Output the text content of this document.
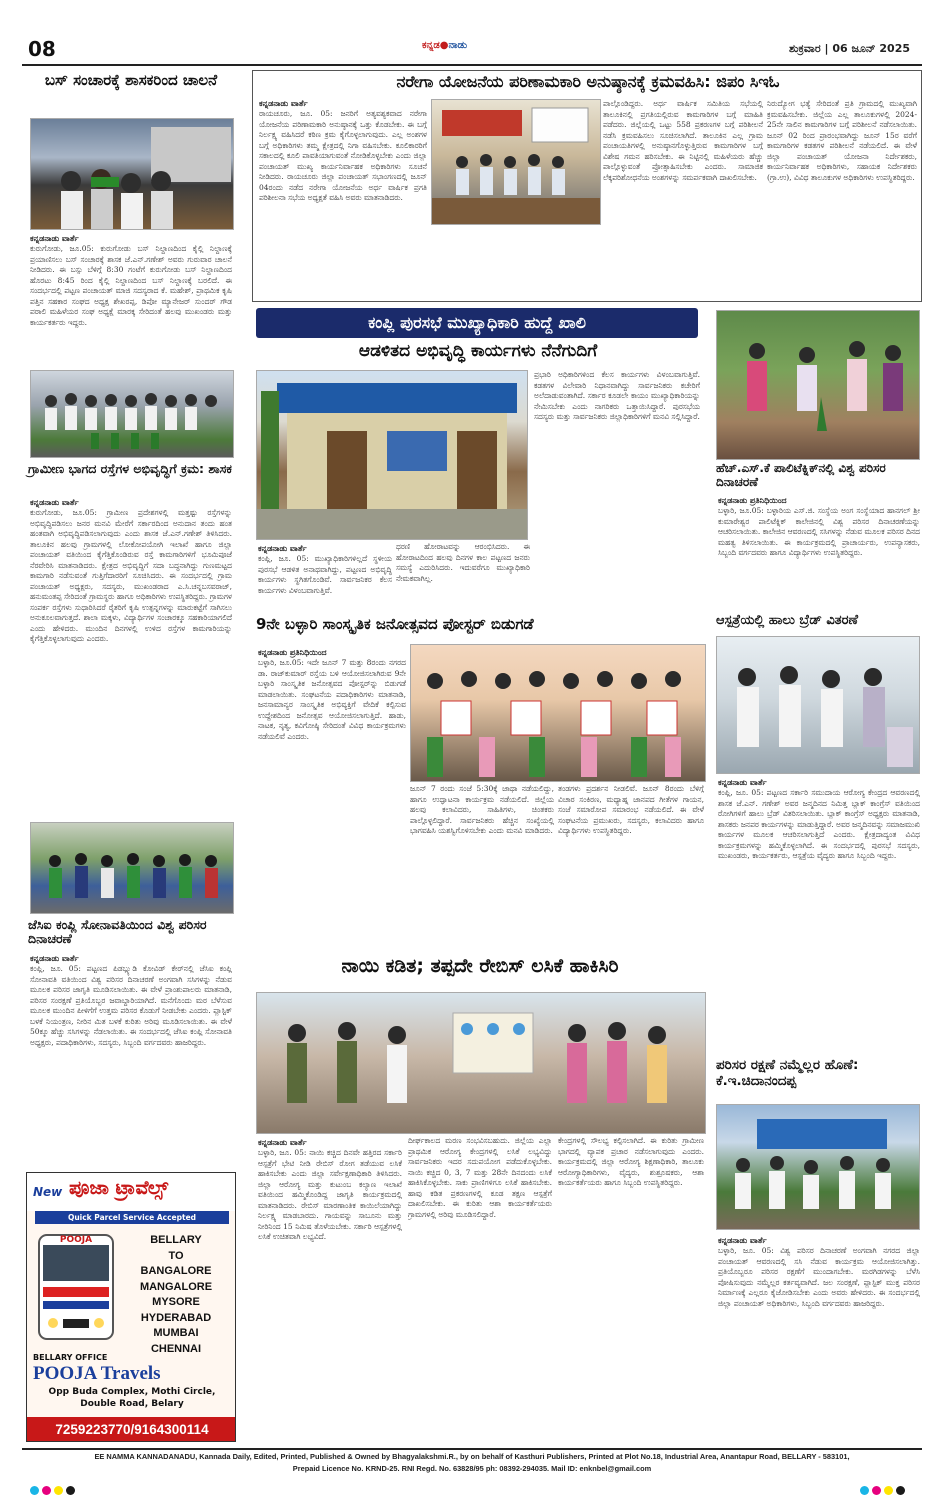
08	ಕನ್ನಡ●ನಾಡು	ಶುಕ್ರವಾರ | 06 ಜೂನ್ 2025
ಬಸ್ ಸಂಚಾರಕ್ಕೆ ಶಾಸಕರಿಂದ ಚಾಲನೆ
ಕನ್ನಡನಾಡು ವಾರ್ತೆ
ಕುರುಗೋಡು, ಜೂ.05: ಕುರುಗೋಡು ಬಸ್ ನಿಲ್ದಾಣದಿಂದ ಕೈಲ್ಲಿ ನಿಲ್ದಾಣಕ್ಕೆ ಪ್ರಯಾಣಿಸಲು ಬಸ್ ಸಂಚಾರಕ್ಕೆ ಶಾಸಕ ಜೆ.ಎನ್.ಗಣೇಶ್ ಅವರು ಗುರುವಾರ ಚಾಲನೆ ನೀಡಿದರು. ಈ ಬಸ್ಸು ಬೆಳಿಗ್ಗೆ 8:30 ಗಂಟೆಗೆ ಕುರುಗೋಡು ಬಸ್ ನಿಲ್ದಾಣದಿಂದ ಹೊರಟು 8:45 ರಿಂದ ಕೈಲ್ಲಿ ನಿಲ್ದಾಣದಿಂದ ಬಸ್ ನಿಲ್ದಾಣಕ್ಕೆ ಬರಲಿದೆ. ಈ ಸಂದರ್ಭದಲ್ಲಿ ಪಟ್ಟಣ ಪಂಚಾಯತ್ ಮಾಜಿ ಸದಸ್ಯರಾದ ಕೆ. ಮಹೇಶ್, ಪ್ರಾಥಮಿಕ ಕೃಷಿ ಪತ್ತಿನ ಸಹಕಾರ ಸಂಘದ ಅಧ್ಯಕ್ಷ ಶೇಖರಪ್ಪ, ಡಿಪೋ ಮ್ಯಾನೇಜರ್ ಸುಂದರ್ ಗೌಡ ಪರಾಲಿ ಮಹಿಳೆಯರ ಸಂಘ ಅಧ್ಯಕ್ಷೆ ಮಾರಕ್ಕ ಸೇರಿದಂತೆ ಹಲವು ಮುಖಂಡರು ಮತ್ತು ಕಾರ್ಯಕರ್ತರು ಇದ್ದರು.
ಗ್ರಾಮೀಣ ಭಾಗದ ರಸ್ತೆಗಳ ಅಭಿವೃದ್ಧಿಗೆ ಕ್ರಮ: ಶಾಸಕ
ಕನ್ನಡನಾಡು ವಾರ್ತೆ
ಕುರುಗೋಡು, ಜೂ.05: ಗ್ರಾಮೀಣ ಪ್ರದೇಶಗಳಲ್ಲಿ ಮತ್ತಷ್ಟು ರಸ್ತೆಗಳನ್ನು ಅಭಿವೃದ್ಧಿಪಡಿಸಲು ಜನರ ಮನವಿ ಮೇರೆಗೆ ಸರ್ಕಾರದಿಂದ ಅನುದಾನ ತಂದು ಹಂತ ಹಂತವಾಗಿ ಅಭಿವೃದ್ಧಿಪಡಿಸಲಾಗುವುದು ಎಂದು ಶಾಸಕ ಜೆ.ಎನ್.ಗಣೇಶ್ ತಿಳಿಸಿದರು. ತಾಲೂಕಿನ ಹಲವು ಗ್ರಾಮಗಳಲ್ಲಿ ಲೋಕೋಪಯೋಗಿ ಇಲಾಖೆ ಹಾಗೂ ಜಿಲ್ಲಾ ಪಂಚಾಯತ್ ವತಿಯಿಂದ ಕೈಗೆತ್ತಿಕೊಂಡಿರುವ ರಸ್ತೆ ಕಾಮಗಾರಿಗಳಿಗೆ ಭೂಮಿಪೂಜೆ ನೆರವೇರಿಸಿ ಮಾತನಾಡಿದರು. ಕ್ಷೇತ್ರದ ಅಭಿವೃದ್ಧಿಗೆ ಸದಾ ಬದ್ಧನಾಗಿದ್ದು ಗುಣಮಟ್ಟದ ಕಾಮಗಾರಿ ನಡೆಸುವಂತೆ ಗುತ್ತಿಗೆದಾರರಿಗೆ ಸೂಚಿಸಿದರು. ಈ ಸಂದರ್ಭದಲ್ಲಿ ಗ್ರಾಮ ಪಂಚಾಯತ್ ಅಧ್ಯಕ್ಷರು, ಸದಸ್ಯರು, ಮುಖಂಡರಾದ ಎ.ಸಿ.ಚನ್ನಬಸವರಾಜ್, ಹನುಮಂತಪ್ಪ ಸೇರಿದಂತೆ ಗ್ರಾಮಸ್ಥರು ಹಾಗೂ ಅಧಿಕಾರಿಗಳು ಉಪಸ್ಥಿತರಿದ್ದರು. ಗ್ರಾಮಗಳ ಸಂಪರ್ಕ ರಸ್ತೆಗಳು ಸುಧಾರಿಸಿದರೆ ರೈತರಿಗೆ ಕೃಷಿ ಉತ್ಪನ್ನಗಳನ್ನು ಮಾರುಕಟ್ಟೆಗೆ ಸಾಗಿಸಲು ಅನುಕೂಲವಾಗುತ್ತದೆ. ಶಾಲಾ ಮಕ್ಕಳು, ವಿದ್ಯಾರ್ಥಿಗಳ ಸಂಚಾರಕ್ಕೂ ಸಹಕಾರಿಯಾಗಲಿದೆ ಎಂದು ಹೇಳಿದರು. ಮುಂದಿನ ದಿನಗಳಲ್ಲಿ ಉಳಿದ ರಸ್ತೆಗಳ ಕಾಮಗಾರಿಯನ್ನು ಕೈಗೆತ್ತಿಕೊಳ್ಳಲಾಗುವುದು ಎಂದರು.
ಜೆಸಿಐ ಕಂಪ್ಲಿ ಸೋನಾವತಿಯಿಂದ ವಿಶ್ವ ಪರಿಸರ ದಿನಾಚರಣೆ
ಕನ್ನಡನಾಡು ವಾರ್ತೆ
ಕಂಪ್ಲಿ, ಜೂ. 05: ಪಟ್ಟಣದ ಪಿಡಬ್ಲ್ಯುಡಿ ಕೋವಿಡ್ ಕೇರ್‌ನಲ್ಲಿ ಜೆಸಿಐ ಕಂಪ್ಲಿ ಸೋನಾವತಿ ವತಿಯಿಂದ ವಿಶ್ವ ಪರಿಸರ ದಿನಾಚರಣೆ ಅಂಗವಾಗಿ ಸಸಿಗಳನ್ನು ನೆಡುವ ಮೂಲಕ ಪರಿಸರ ಜಾಗೃತಿ ಮೂಡಿಸಲಾಯಿತು. ಈ ವೇಳೆ ಪ್ರಾಂಶುಪಾಲರು ಮಾತನಾಡಿ, ಪರಿಸರ ಸಂರಕ್ಷಣೆ ಪ್ರತಿಯೊಬ್ಬರ ಜವಾಬ್ದಾರಿಯಾಗಿದೆ. ಮನೆಗೊಂದು ಮರ ಬೆಳೆಸುವ ಮೂಲಕ ಮುಂದಿನ ಪೀಳಿಗೆಗೆ ಉತ್ತಮ ಪರಿಸರ ಕೊಡುಗೆ ನೀಡಬೇಕು ಎಂದರು. ಪ್ಲಾಸ್ಟಿಕ್ ಬಳಕೆ ನಿಯಂತ್ರಣ, ನೀರಿನ ಮಿತ ಬಳಕೆ ಕುರಿತು ಅರಿವು ಮೂಡಿಸಲಾಯಿತು. ಈ ವೇಳೆ 50ಕ್ಕೂ ಹೆಚ್ಚು ಸಸಿಗಳನ್ನು ನೆಡಲಾಯಿತು. ಈ ಸಂದರ್ಭದಲ್ಲಿ ಜೆಸಿಐ ಕಂಪ್ಲಿ ಸೋನಾವತಿ ಅಧ್ಯಕ್ಷರು, ಪದಾಧಿಕಾರಿಗಳು, ಸದಸ್ಯರು, ಸಿಬ್ಬಂದಿ ವರ್ಗದವರು ಹಾಜರಿದ್ದರು.
New ಪೂಜಾ ಟ್ರಾವೆಲ್ಸ್
Quick Parcel Service Accepted
POOJA	BELLARY
TO
BANGALORE
MANGALORE
MYSORE
HYDERABAD
MUMBAI
CHENNAI
BELLARY OFFICE
POOJA Travels
Opp Buda Complex, Mothi Circle,
Double Road, Belary
7259223770/9164300114
ನರೇಗಾ ಯೋಜನೆಯ ಪರಿಣಾಮಕಾರಿ ಅನುಷ್ಠಾನಕ್ಕೆ ಕ್ರಮವಹಿಸಿ: ಜಿಪಂ ಸಿಇಓ
ಕನ್ನಡನಾಡು ವಾರ್ತೆ
ರಾಯಚೂರು, ಜೂ. 05: ಜನರಿಗೆ ಅತ್ಯವಶ್ಯಕವಾದ ನರೇಗಾ ಯೋಜನೆಯ ಪರಿಣಾಮಕಾರಿ ಅನುಷ್ಠಾನಕ್ಕೆ ಒತ್ತು ಕೊಡಬೇಕು. ಈ ಬಗ್ಗೆ ನಿರ್ಲಕ್ಷ್ಯ ವಹಿಸಿದರೆ ಕಠಿಣ ಕ್ರಮ ಕೈಗೊಳ್ಳಲಾಗುವುದು. ಎಲ್ಲ ಅಂಶಗಳ ಬಗ್ಗೆ ಅಧಿಕಾರಿಗಳು ತಮ್ಮ ಕ್ಷೇತ್ರದಲ್ಲಿ ನಿಗಾ ವಹಿಸಬೇಕು. ಕೂಲಿಕಾರರಿಗೆ ಸಕಾಲದಲ್ಲಿ ಕೂಲಿ ಪಾವತಿಯಾಗುವಂತೆ ನೋಡಿಕೊಳ್ಳಬೇಕು ಎಂದು ಜಿಲ್ಲಾ ಪಂಚಾಯತ್ ಮುಖ್ಯ ಕಾರ್ಯನಿರ್ವಾಹಕ ಅಧಿಕಾರಿಗಳು ಸೂಚನೆ ನೀಡಿದರು. ರಾಯಚೂರು ಜಿಲ್ಲಾ ಪಂಚಾಯತ್ ಸಭಾಂಗಣದಲ್ಲಿ ಜೂನ್ 04ರಂದು ನಡೆದ ನರೇಗಾ ಯೋಜನೆಯ ಅರ್ಧ ವಾರ್ಷಿಕ ಪ್ರಗತಿ ಪರಿಶೀಲನಾ ಸಭೆಯ ಅಧ್ಯಕ್ಷತೆ ವಹಿಸಿ ಅವರು ಮಾತನಾಡಿದರು.
ಪಾಲ್ಗೊಂಡಿದ್ದರು. ಅರ್ಧ ವಾರ್ಷಿಕ ಸಮಿತಿಯ ಸಭೆಯಲ್ಲಿ ತಾಲೂಕಿನಲ್ಲಿ ಪ್ರಗತಿಯಲ್ಲಿರುವ ಕಾಮಗಾರಿಗಳ ಬಗ್ಗೆ ಮಾಹಿತಿ ಪಡೆದರು. ಜಿಲ್ಲೆಯಲ್ಲಿ ಒಟ್ಟು 558 ಪ್ರಕರಣಗಳ ಬಗ್ಗೆ ಪರಿಶೀಲನೆ ನಡೆಸಿ ಕ್ರಮವಹಿಸಲು ಸೂಚಿಸಲಾಗಿದೆ. ತಾಲೂಕಿನ ಎಲ್ಲ ಗ್ರಾಮ ಪಂಚಾಯತಿಗಳಲ್ಲಿ ಅನುಷ್ಠಾನಗೊಳ್ಳುತ್ತಿರುವ ಕಾಮಗಾರಿಗಳ ಬಗ್ಗೆ ವಿಶೇಷ ಗಮನ ಹರಿಸಬೇಕು. ಈ ನಿಟ್ಟಿನಲ್ಲಿ ಮಹಿಳೆಯರು ಹೆಚ್ಚು ಪಾಲ್ಗೊಳ್ಳುವಂತೆ ಪ್ರೋತ್ಸಾಹಿಸಬೇಕು ಎಂದರು. ಸಾಮಾಜಿಕ ಲೆಕ್ಕಪರಿಶೋಧನೆಯ ಅಂಶಗಳನ್ನು ಸಮರ್ಪಕವಾಗಿ ದಾಖಲಿಸಬೇಕು.
ನಿರುದ್ಯೋಗ ಭತ್ಯೆ ಸೇರಿದಂತೆ ಪ್ರತಿ ಗ್ರಾಮದಲ್ಲಿ ಮುಖ್ಯವಾಗಿ ಕ್ರಮವಹಿಸಬೇಕು. ಜಿಲ್ಲೆಯ ಎಲ್ಲ ತಾಲೂಕುಗಳಲ್ಲಿ 2024-25ನೇ ಸಾಲಿನ ಕಾಮಗಾರಿಗಳ ಬಗ್ಗೆ ಪರಿಶೀಲನೆ ನಡೆಸಲಾಯಿತು. ಜೂನ್ 02 ರಿಂದ ಪ್ರಾರಂಭವಾಗಿದ್ದು ಜೂನ್ 15ರ ವರೆಗೆ ಕಾಮಗಾರಿಗಳ ಕಡತಗಳ ಪರಿಶೀಲನೆ ನಡೆಯಲಿದೆ. ಈ ವೇಳೆ ಜಿಲ್ಲಾ ಪಂಚಾಯತ್ ಯೋಜನಾ ನಿರ್ದೇಶಕರು, ಕಾರ್ಯನಿರ್ವಾಹಕ ಅಧಿಕಾರಿಗಳು, ಸಹಾಯಕ ನಿರ್ದೇಶಕರು (ಗ್ರಾ.ಉ), ವಿವಿಧ ತಾಲೂಕುಗಳ ಅಧಿಕಾರಿಗಳು ಉಪಸ್ಥಿತರಿದ್ದರು.
ಕಂಪ್ಲಿ ಪುರಸಭೆ ಮುಖ್ಯಾಧಿಕಾರಿ ಹುದ್ದೆ ಖಾಲಿ
ಆಡಳಿತದ ಅಭಿವೃದ್ಧಿ ಕಾರ್ಯಗಳು ನೆನೆಗುದಿಗೆ
ಕನ್ನಡನಾಡು ವಾರ್ತೆ
ಕಂಪ್ಲಿ, ಜೂ. 05: ಮುಖ್ಯಾಧಿಕಾರಿಗಳಿಲ್ಲದೆ ಸ್ಥಳೀಯ ಪುರಸಭೆ ಆಡಳಿತ ಅನಾಥವಾಗಿದ್ದು, ಪಟ್ಟಣದ ಅಭಿವೃದ್ಧಿ ಕಾರ್ಯಗಳು ಸ್ಥಗಿತಗೊಂಡಿವೆ. ಸಾರ್ವಜನಿಕರ ಕೆಲಸ ಕಾರ್ಯಗಳು ವಿಳಂಬವಾಗುತ್ತಿವೆ.
ಧರಣಿ ಹೋರಾಟವನ್ನು ಆರಂಭಿಸಿದರು. ಈ ಹೋರಾಟದಿಂದ ಹಲವು ದಿನಗಳ ಕಾಲ ಪಟ್ಟಣದ ಜನರು ಸಮಸ್ಯೆ ಎದುರಿಸಿದರು. ಇದುವರೆಗೂ ಮುಖ್ಯಾಧಿಕಾರಿ ನೇಮಕವಾಗಿಲ್ಲ.
ಪ್ರಭಾರಿ ಅಧಿಕಾರಿಗಳಿಂದ ಕೆಲಸ ಕಾರ್ಯಗಳು ವಿಳಂಬವಾಗುತ್ತಿವೆ. ಕಡತಗಳ ವಿಲೇವಾರಿ ನಿಧಾನವಾಗಿದ್ದು ಸಾರ್ವಜನಿಕರು ಕಚೇರಿಗೆ ಅಲೆದಾಡುವಂತಾಗಿದೆ. ಸರ್ಕಾರ ಕೂಡಲೇ ಕಾಯಂ ಮುಖ್ಯಾಧಿಕಾರಿಯನ್ನು ನೇಮಿಸಬೇಕು ಎಂದು ನಾಗರಿಕರು ಒತ್ತಾಯಿಸಿದ್ದಾರೆ. ಪುರಸಭೆಯ ಸದಸ್ಯರು ಮತ್ತು ಸಾರ್ವಜನಿಕರು ಜಿಲ್ಲಾಧಿಕಾರಿಗಳಿಗೆ ಮನವಿ ಸಲ್ಲಿಸಿದ್ದಾರೆ.
ಹೆಚ್.ಎಸ್.ಕೆ ಪಾಲಿಟೆಕ್ನಿಕ್‌ನಲ್ಲಿ ವಿಶ್ವ ಪರಿಸರ ದಿನಾಚರಣೆ
ಕನ್ನಡನಾಡು ಪ್ರತಿನಿಧಿಯಿಂದ
ಬಳ್ಳಾರಿ, ಜೂ.05: ಬಳ್ಳಾರಿಯ ಎಸ್.ಜಿ. ಸಂಸ್ಥೆಯ ಅಂಗ ಸಂಸ್ಥೆಯಾದ ಹಾನಗಲ್ ಶ್ರೀ ಕುಮಾರೇಶ್ವರ ಪಾಲಿಟೆಕ್ನಿಕ್ ಕಾಲೇಜಿನಲ್ಲಿ ವಿಶ್ವ ಪರಿಸರ ದಿನಾಚರಣೆಯನ್ನು ಆಚರಿಸಲಾಯಿತು. ಕಾಲೇಜಿನ ಆವರಣದಲ್ಲಿ ಸಸಿಗಳನ್ನು ನೆಡುವ ಮೂಲಕ ಪರಿಸರ ದಿನದ ಮಹತ್ವ ತಿಳಿಸಲಾಯಿತು. ಈ ಕಾರ್ಯಕ್ರಮದಲ್ಲಿ ಪ್ರಾಚಾರ್ಯರು, ಉಪನ್ಯಾಸಕರು, ಸಿಬ್ಬಂದಿ ವರ್ಗದವರು ಹಾಗೂ ವಿದ್ಯಾರ್ಥಿಗಳು ಉಪಸ್ಥಿತರಿದ್ದರು.
ಆಸ್ಪತ್ರೆಯಲ್ಲಿ ಹಾಲು ಬ್ರೆಡ್ ವಿತರಣೆ
ಕನ್ನಡನಾಡು ವಾರ್ತೆ
ಕಂಪ್ಲಿ, ಜೂ. 05: ಪಟ್ಟಣದ ಸರ್ಕಾರಿ ಸಮುದಾಯ ಆರೋಗ್ಯ ಕೇಂದ್ರದ ಆವರಣದಲ್ಲಿ ಶಾಸಕ ಜೆ.ಎನ್. ಗಣೇಶ್ ಅವರ ಜನ್ಮದಿನದ ನಿಮಿತ್ತ ಬ್ಲಾಕ್ ಕಾಂಗ್ರೆಸ್ ವತಿಯಿಂದ ರೋಗಿಗಳಿಗೆ ಹಾಲು ಬ್ರೆಡ್ ವಿತರಿಸಲಾಯಿತು. ಬ್ಲಾಕ್ ಕಾಂಗ್ರೆಸ್ ಅಧ್ಯಕ್ಷರು ಮಾತನಾಡಿ, ಶಾಸಕರು ಜನಪರ ಕಾರ್ಯಗಳನ್ನು ಮಾಡುತ್ತಿದ್ದಾರೆ. ಅವರ ಜನ್ಮದಿನವನ್ನು ಸಮಾಜಮುಖಿ ಕಾರ್ಯಗಳ ಮೂಲಕ ಆಚರಿಸಲಾಗುತ್ತಿದೆ ಎಂದರು. ಕ್ಷೇತ್ರದಾದ್ಯಂತ ವಿವಿಧ ಕಾರ್ಯಕ್ರಮಗಳನ್ನು ಹಮ್ಮಿಕೊಳ್ಳಲಾಗಿದೆ. ಈ ಸಂದರ್ಭದಲ್ಲಿ ಪುರಸಭೆ ಸದಸ್ಯರು, ಮುಖಂಡರು, ಕಾರ್ಯಕರ್ತರು, ಆಸ್ಪತ್ರೆಯ ವೈದ್ಯರು ಹಾಗೂ ಸಿಬ್ಬಂದಿ ಇದ್ದರು.
ಪರಿಸರ ರಕ್ಷಣೆ ನಮ್ಮೆಲ್ಲರ ಹೊಣೆ: ಕೆ.ಇ.ಚಿದಾನಂದಪ್ಪ
ಕನ್ನಡನಾಡು ವಾರ್ತೆ
ಬಳ್ಳಾರಿ, ಜೂ. 05: ವಿಶ್ವ ಪರಿಸರ ದಿನಾಚರಣೆ ಅಂಗವಾಗಿ ನಗರದ ಜಿಲ್ಲಾ ಪಂಚಾಯತ್ ಆವರಣದಲ್ಲಿ ಸಸಿ ನೆಡುವ ಕಾರ್ಯಕ್ರಮ ಆಯೋಜಿಸಲಾಗಿತ್ತು. ಪ್ರತಿಯೊಬ್ಬರೂ ಪರಿಸರ ರಕ್ಷಣೆಗೆ ಮುಂದಾಗಬೇಕು. ಮರಗಿಡಗಳನ್ನು ಬೆಳೆಸಿ ಪೋಷಿಸುವುದು ನಮ್ಮೆಲ್ಲರ ಕರ್ತವ್ಯವಾಗಿದೆ. ಜಲ ಸಂರಕ್ಷಣೆ, ಪ್ಲಾಸ್ಟಿಕ್ ಮುಕ್ತ ಪರಿಸರ ನಿರ್ಮಾಣಕ್ಕೆ ಎಲ್ಲರೂ ಕೈಜೋಡಿಸಬೇಕು ಎಂದು ಅವರು ಹೇಳಿದರು. ಈ ಸಂದರ್ಭದಲ್ಲಿ ಜಿಲ್ಲಾ ಪಂಚಾಯತ್ ಅಧಿಕಾರಿಗಳು, ಸಿಬ್ಬಂದಿ ವರ್ಗದವರು ಹಾಜರಿದ್ದರು.
9ನೇ ಬಳ್ಳಾರಿ ಸಾಂಸ್ಕೃತಿಕ ಜನೋತ್ಸವದ ಪೋಸ್ಟರ್ ಬಿಡುಗಡೆ
ಕನ್ನಡನಾಡು ಪ್ರತಿನಿಧಿಯಿಂದ
ಬಳ್ಳಾರಿ, ಜೂ.05: ಇದೇ ಜೂನ್ 7 ಮತ್ತು 8ರಂದು ನಗರದ ಡಾ. ರಾಜ್‌ಕುಮಾರ್ ರಸ್ತೆಯ ಬಳಿ ಆಯೋಜಿಸಲಾಗಿರುವ 9ನೇ ಬಳ್ಳಾರಿ ಸಾಂಸ್ಕೃತಿಕ ಜನೋತ್ಸವದ ಪೋಸ್ಟರ್‌ನ್ನು ಬಿಡುಗಡೆ ಮಾಡಲಾಯಿತು. ಸಂಘಟನೆಯ ಪದಾಧಿಕಾರಿಗಳು ಮಾತನಾಡಿ, ಜನಸಾಮಾನ್ಯರ ಸಾಂಸ್ಕೃತಿಕ ಅಭಿವ್ಯಕ್ತಿಗೆ ವೇದಿಕೆ ಕಲ್ಪಿಸುವ ಉದ್ದೇಶದಿಂದ ಜನೋತ್ಸವ ಆಯೋಜಿಸಲಾಗುತ್ತಿದೆ. ಹಾಡು, ನಾಟಕ, ನೃತ್ಯ, ಕವಿಗೋಷ್ಠಿ ಸೇರಿದಂತೆ ವಿವಿಧ ಕಾರ್ಯಕ್ರಮಗಳು ನಡೆಯಲಿವೆ ಎಂದರು.
ಜೂನ್ 7 ರಂದು ಸಂಜೆ 5:30ಕ್ಕೆ ಜಾಥಾ ನಡೆಯಲಿದ್ದು, ಹಾಗೂ ಉದ್ಘಾಟನಾ ಕಾರ್ಯಕ್ರಮ ನಡೆಯಲಿದೆ. ಜಿಲ್ಲೆಯ ಹಲವು ಕಲಾವಿದರು, ಸಾಹಿತಿಗಳು, ಚಿಂತಕರು ಪಾಲ್ಗೊಳ್ಳಲಿದ್ದಾರೆ. ಸಾರ್ವಜನಿಕರು ಹೆಚ್ಚಿನ ಸಂಖ್ಯೆಯಲ್ಲಿ ಭಾಗವಹಿಸಿ ಯಶಸ್ವಿಗೊಳಿಸಬೇಕು ಎಂದು ಮನವಿ ಮಾಡಿದರು.
ತಂಡಗಳು ಪ್ರದರ್ಶನ ನೀಡಲಿವೆ. ಜೂನ್ 8ರಂದು ಬೆಳಿಗ್ಗೆ ವಿಚಾರ ಸಂಕಿರಣ, ಮಧ್ಯಾಹ್ನ ಜಾನಪದ ಗೀತೆಗಳ ಗಾಯನ, ಸಂಜೆ ಸಮಾರೋಪ ಸಮಾರಂಭ ನಡೆಯಲಿದೆ. ಈ ವೇಳೆ ಸಂಘಟನೆಯ ಪ್ರಮುಖರು, ಸದಸ್ಯರು, ಕಲಾವಿದರು ಹಾಗೂ ವಿದ್ಯಾರ್ಥಿಗಳು ಉಪಸ್ಥಿತರಿದ್ದರು.
ನಾಯಿ ಕಡಿತ; ತಪ್ಪದೇ ರೇಬಿಸ್ ಲಸಿಕೆ ಹಾಕಿಸಿರಿ
ಕನ್ನಡನಾಡು ವಾರ್ತೆ
ಬಳ್ಳಾರಿ, ಜೂ. 05: ನಾಯಿ ಕಚ್ಚಿದ ದಿನವೇ ಹತ್ತಿರದ ಸರ್ಕಾರಿ ಆಸ್ಪತ್ರೆಗೆ ಭೇಟಿ ನೀಡಿ ರೇಬಿಸ್ ರೋಗ ತಡೆಯುವ ಲಸಿಕೆ ಹಾಕಿಸಬೇಕು ಎಂದು ಜಿಲ್ಲಾ ಸರ್ವೇಕ್ಷಣಾಧಿಕಾರಿ ತಿಳಿಸಿದರು. ಜಿಲ್ಲಾ ಆರೋಗ್ಯ ಮತ್ತು ಕುಟುಂಬ ಕಲ್ಯಾಣ ಇಲಾಖೆ ವತಿಯಿಂದ ಹಮ್ಮಿಕೊಂಡಿದ್ದ ಜಾಗೃತಿ ಕಾರ್ಯಕ್ರಮದಲ್ಲಿ ಮಾತನಾಡಿದರು. ರೇಬಿಸ್ ಮಾರಣಾಂತಿಕ ಕಾಯಿಲೆಯಾಗಿದ್ದು ನಿರ್ಲಕ್ಷ್ಯ ಮಾಡಬಾರದು. ಗಾಯವನ್ನು ಸಾಬೂನು ಮತ್ತು ನೀರಿನಿಂದ 15 ನಿಮಿಷ ತೊಳೆಯಬೇಕು. ಸರ್ಕಾರಿ ಆಸ್ಪತ್ರೆಗಳಲ್ಲಿ ಲಸಿಕೆ ಉಚಿತವಾಗಿ ಲಭ್ಯವಿದೆ.
ದೀರ್ಘಕಾಲದ ಮರಣ ಸಂಭವಿಸಬಹುದು. ಜಿಲ್ಲೆಯ ಎಲ್ಲಾ ಪ್ರಾಥಮಿಕ ಆರೋಗ್ಯ ಕೇಂದ್ರಗಳಲ್ಲಿ ಲಸಿಕೆ ಲಭ್ಯವಿದ್ದು ಸಾರ್ವಜನಿಕರು ಇದರ ಸದುಪಯೋಗ ಪಡೆದುಕೊಳ್ಳಬೇಕು. ನಾಯಿ ಕಚ್ಚಿದ 0, 3, 7 ಮತ್ತು 28ನೇ ದಿನದಂದು ಲಸಿಕೆ ಹಾಕಿಸಿಕೊಳ್ಳಬೇಕು. ಸಾಕು ಪ್ರಾಣಿಗಳಿಗೂ ಲಸಿಕೆ ಹಾಕಿಸಬೇಕು. ಹಾವು ಕಡಿತ ಪ್ರಕರಣಗಳಲ್ಲಿ ಕೂಡ ತಕ್ಷಣ ಆಸ್ಪತ್ರೆಗೆ ದಾಖಲಿಸಬೇಕು. ಈ ಕುರಿತು ಆಶಾ ಕಾರ್ಯಕರ್ತೆಯರು ಗ್ರಾಮಗಳಲ್ಲಿ ಅರಿವು ಮೂಡಿಸಲಿದ್ದಾರೆ.
ಕೇಂದ್ರಗಳಲ್ಲಿ ಸೌಲಭ್ಯ ಕಲ್ಪಿಸಲಾಗಿದೆ. ಈ ಕುರಿತು ಗ್ರಾಮೀಣ ಭಾಗದಲ್ಲಿ ವ್ಯಾಪಕ ಪ್ರಚಾರ ನಡೆಸಲಾಗುವುದು ಎಂದರು. ಕಾರ್ಯಕ್ರಮದಲ್ಲಿ ಜಿಲ್ಲಾ ಆರೋಗ್ಯ ಶಿಕ್ಷಣಾಧಿಕಾರಿ, ತಾಲೂಕು ಆರೋಗ್ಯಾಧಿಕಾರಿಗಳು, ವೈದ್ಯರು, ಶುಶ್ರೂಷಕರು, ಆಶಾ ಕಾರ್ಯಕರ್ತೆಯರು ಹಾಗೂ ಸಿಬ್ಬಂದಿ ಉಪಸ್ಥಿತರಿದ್ದರು.
EE NAMMA KANNADANADU, Kannada Daily, Edited, Printed, Published & Owned by Bhagyalakshmi.R., by on behalf of Kasthuri Publishers, Printed at Plot No.18, Industrial Area, Anantapur Road, BELLARY - 583101,
Prepaid Licence No. KRND-25. RNI Regd. No. 63828/95 ph: 08392-294035. Mail ID: enknbel@gmail.com
